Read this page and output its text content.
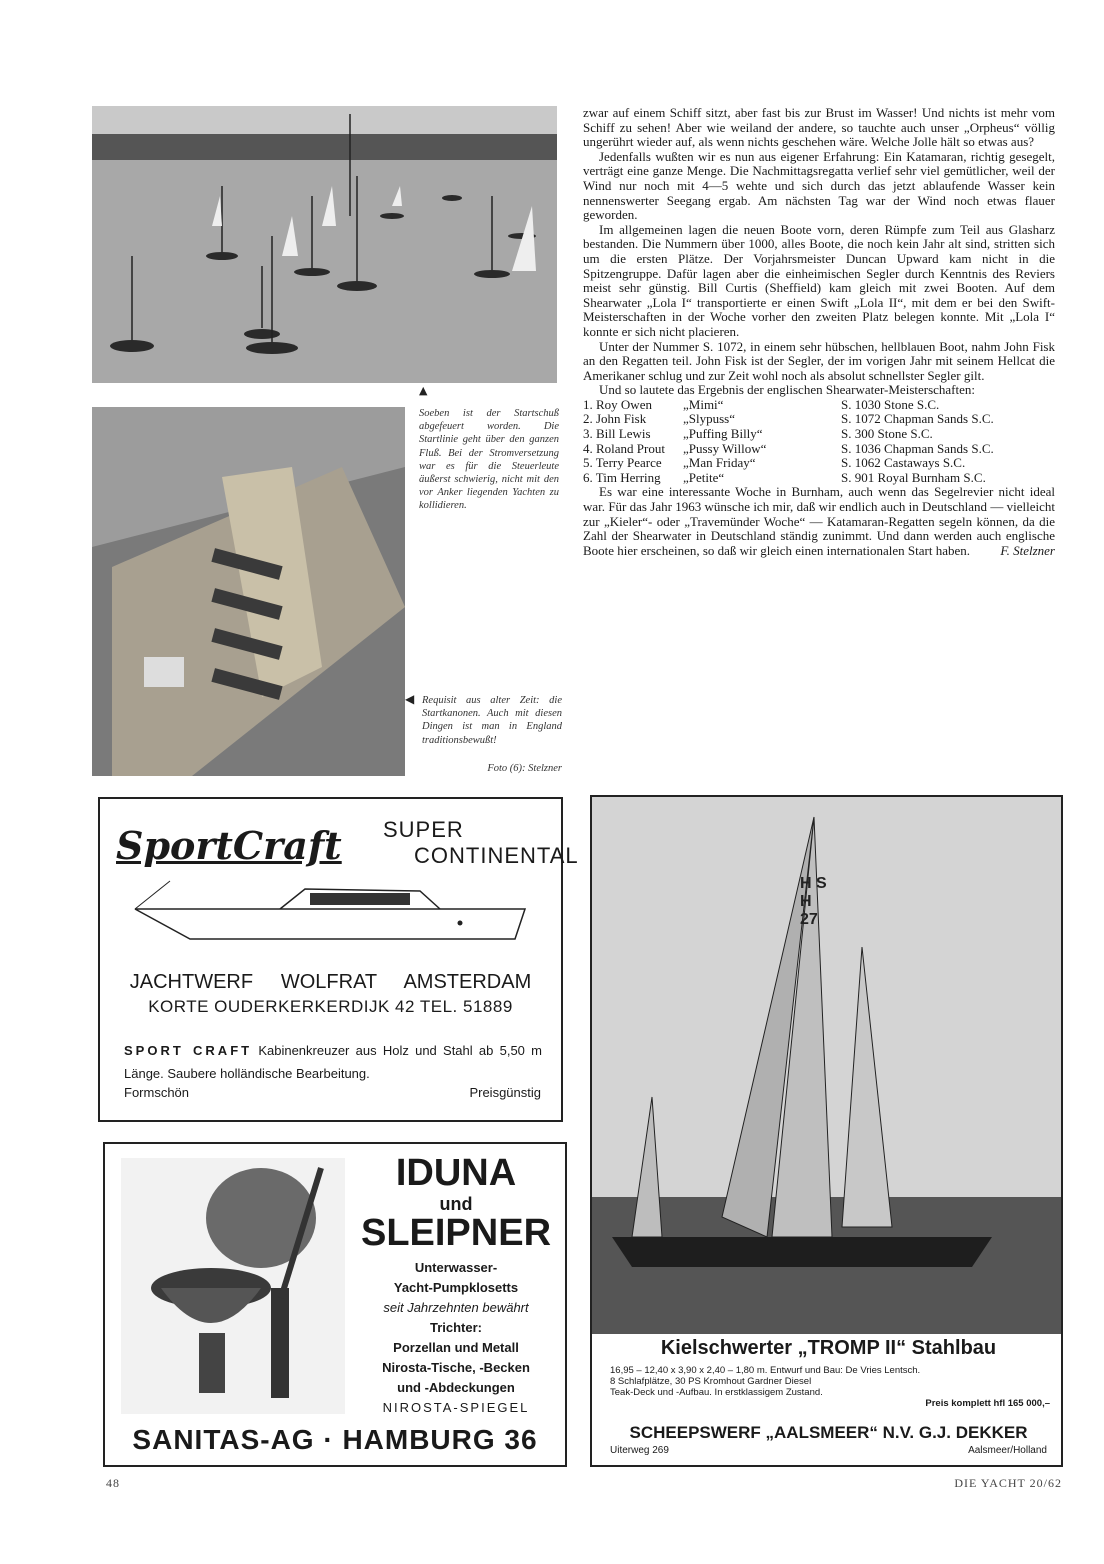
▲
Soeben ist der Startschuß abgefeuert worden. Die Startlinie geht über den ganzen Fluß. Bei der Stromversetzung war es für die Steuerleute äußerst schwierig, nicht mit den vor Anker liegenden Yachten zu kollidieren.
◀ Requisit aus alter Zeit: die Startkanonen. Auch mit diesen Dingen ist man in England traditionsbewußt!
Foto (6): Stelzner

zwar auf einem Schiff sitzt, aber fast bis zur Brust im Wasser! Und nichts ist mehr vom Schiff zu sehen! Aber wie weiland der andere, so tauchte auch unser „Orpheus“ völlig ungerührt wieder auf, als wenn nichts geschehen wäre. Welche Jolle hält so etwas aus?

Jedenfalls wußten wir es nun aus eigener Erfahrung: Ein Katamaran, richtig gesegelt, verträgt eine ganze Menge. Die Nachmittagsregatta verlief sehr viel gemütlicher, weil der Wind nur noch mit 4—5 wehte und sich durch das jetzt ablaufende Wasser kein nennenswerter Seegang ergab. Am nächsten Tag war der Wind noch etwas flauer geworden.

Im allgemeinen lagen die neuen Boote vorn, deren Rümpfe zum Teil aus Glasharz bestanden. Die Nummern über 1000, alles Boote, die noch kein Jahr alt sind, stritten sich um die ersten Plätze. Der Vorjahrsmeister Duncan Upward kam nicht in die Spitzengruppe. Dafür lagen aber die einheimischen Segler durch Kenntnis des Reviers meist sehr günstig. Bill Curtis (Sheffield) kam gleich mit zwei Booten. Auf dem Shearwater „Lola I“ transportierte er einen Swift „Lola II“, mit dem er bei den Swift-Meisterschaften in der Woche vorher den zweiten Platz belegen konnte. Mit „Lola I“ konnte er sich nicht placieren.

Unter der Nummer S. 1072, in einem sehr hübschen, hellblauen Boot, nahm John Fisk an den Regatten teil. John Fisk ist der Segler, der im vorigen Jahr mit seinem Hellcat die Amerikaner schlug und zur Zeit wohl noch als absolut schnellster Segler gilt.

Und so lautete das Ergebnis der englischen Shearwater-Meisterschaften:

1. Roy Owen	„Mimi“	S. 1030 Stone S.C.
2. John Fisk	„Slypuss“	S. 1072 Chapman Sands S.C.
3. Bill Lewis	„Puffing Billy“	S. 300 Stone S.C.
4. Roland Prout	„Pussy Willow“	S. 1036 Chapman Sands S.C.
5. Terry Pearce	„Man Friday“	S. 1062 Castaways S.C.
6. Tim Herring	„Petite“	S. 901 Royal Burnham S.C.

Es war eine interessante Woche in Burnham, auch wenn das Segelrevier nicht ideal war. Für das Jahr 1963 wünsche ich mir, daß wir endlich auch in Deutschland — vielleicht zur „Kieler“- oder „Travemünder Woche“ — Katamaran-Regatten segeln können, da die Zahl der Shearwater in Deutschland ständig zunimmt. Und dann werden auch englische Boote hier erscheinen, so daß wir gleich einen internationalen Start haben.	F. Stelzner
SportCraft SUPER
CONTINENTAL
JACHTWERF     WOLFRAT     AMSTERDAM
KORTE OUDERKERKERDIJK 42 TEL. 51889
SPORT CRAFT Kabinenkreuzer aus Holz und Stahl ab 5,50 m Länge. Saubere holländische Bearbeitung.
Formschön	Preisgünstig
IDUNA
und
SLEIPNER
Unterwasser-
Yacht-Pumpklosetts
seit Jahrzehnten bewährt
Trichter:
Porzellan und Metall
Nirosta-Tische, -Becken
und -Abdeckungen
NIROSTA-SPIEGEL
SANITAS-AG · HAMBURG 36
H S H 27
Kielschwerter „TROMP II“ Stahlbau
16,95 – 12,40 x 3,90 x 2,40 – 1,80 m. Entwurf und Bau: De Vries Lentsch.
8 Schlafplätze, 30 PS Kromhout Gardner Diesel
Teak-Deck und -Aufbau. In erstklassigem Zustand.
Preis komplett hfl 165 000,–
SCHEEPSWERF „AALSMEER“ N.V. G.J. DEKKER
Uiterweg 269	Aalsmeer/Holland
48	DIE YACHT 20/62
